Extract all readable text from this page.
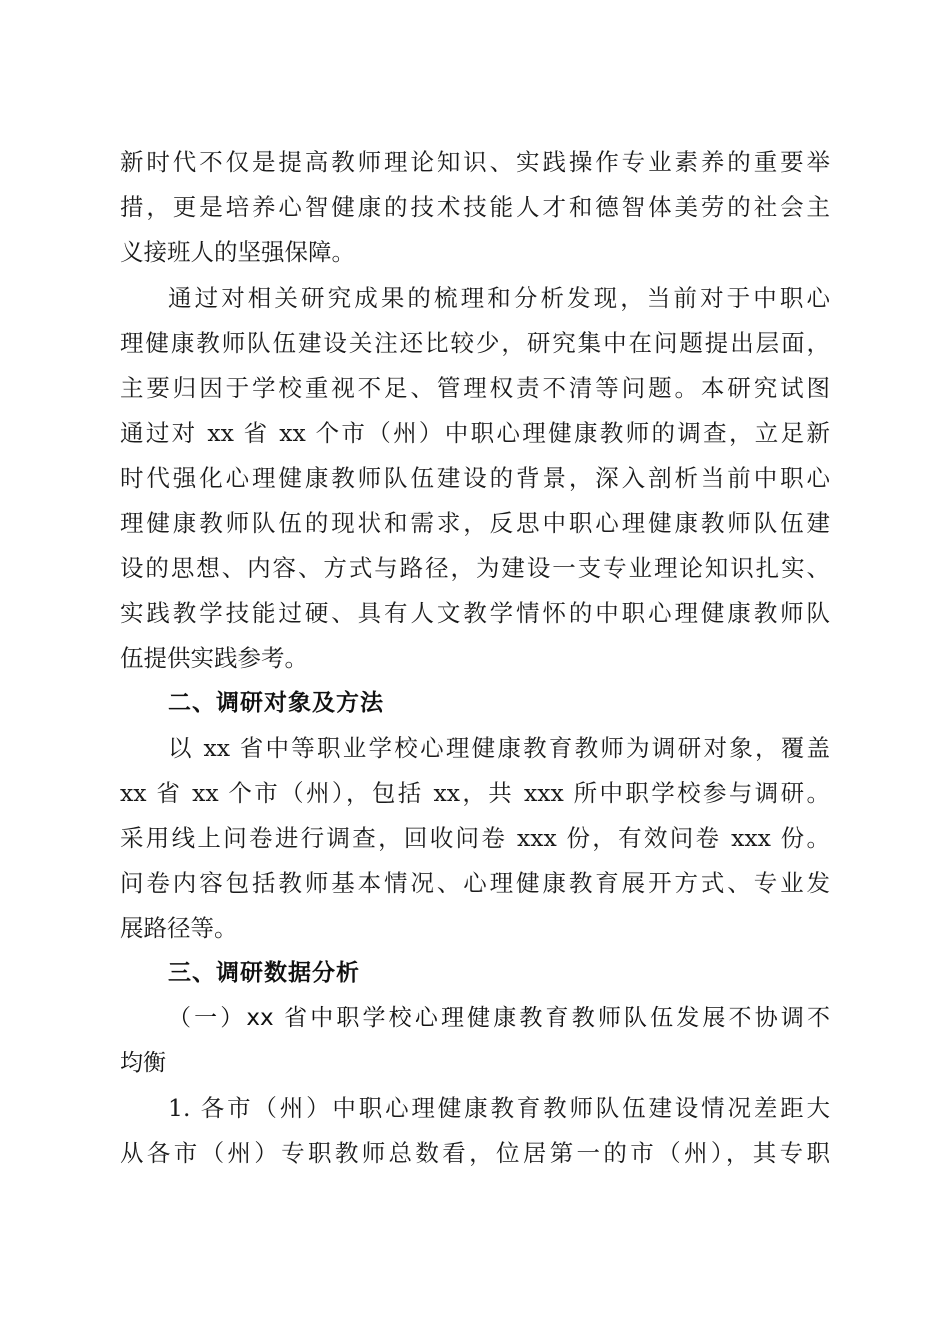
新时代不仅是提高教师理论知识、实践操作专业素养的重要举
措，更是培养心智健康的技术技能人才和德智体美劳的社会主
义接班人的坚强保障。
通过对相关研究成果的梳理和分析发现，当前对于中职心
理健康教师队伍建设关注还比较少，研究集中在问题提出层面，
主要归因于学校重视不足、管理权责不清等问题。本研究试图
通过对 xx 省 xx 个市（州）中职心理健康教师的调查，立足新
时代强化心理健康教师队伍建设的背景，深入剖析当前中职心
理健康教师队伍的现状和需求，反思中职心理健康教师队伍建
设的思想、内容、方式与路径，为建设一支专业理论知识扎实、
实践教学技能过硬、具有人文教学情怀的中职心理健康教师队
伍提供实践参考。
二、调研对象及方法
以 xx 省中等职业学校心理健康教育教师为调研对象，覆盖
xx 省 xx 个市（州），包括 xx，共 xxx 所中职学校参与调研。
采用线上问卷进行调查，回收问卷 xxx 份，有效问卷 xxx 份。
问卷内容包括教师基本情况、心理健康教育展开方式、专业发
展路径等。
三、调研数据分析
（一）xx 省中职学校心理健康教育教师队伍发展不协调不
均衡
1. 各市（州）中职心理健康教育教师队伍建设情况差距大
从各市（州）专职教师总数看，位居第一的市（州），其专职
